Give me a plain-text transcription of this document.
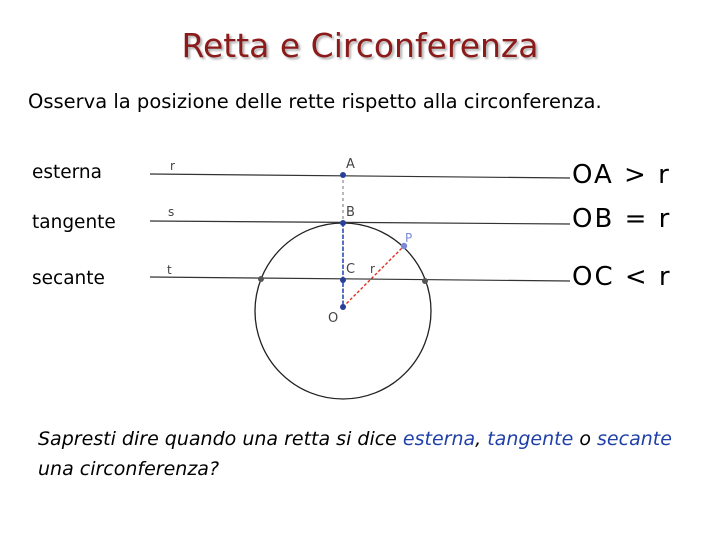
Retta e Circonferenza
Osserva la posizione delle rette rispetto alla circonferenza.
esterna
tangente
secante
OA > r
OB = r
OC < r
r
s
t
A
B
C r
P
O
Sapresti dire quando una retta si dice esterna, tangente o secante una circonferenza?
